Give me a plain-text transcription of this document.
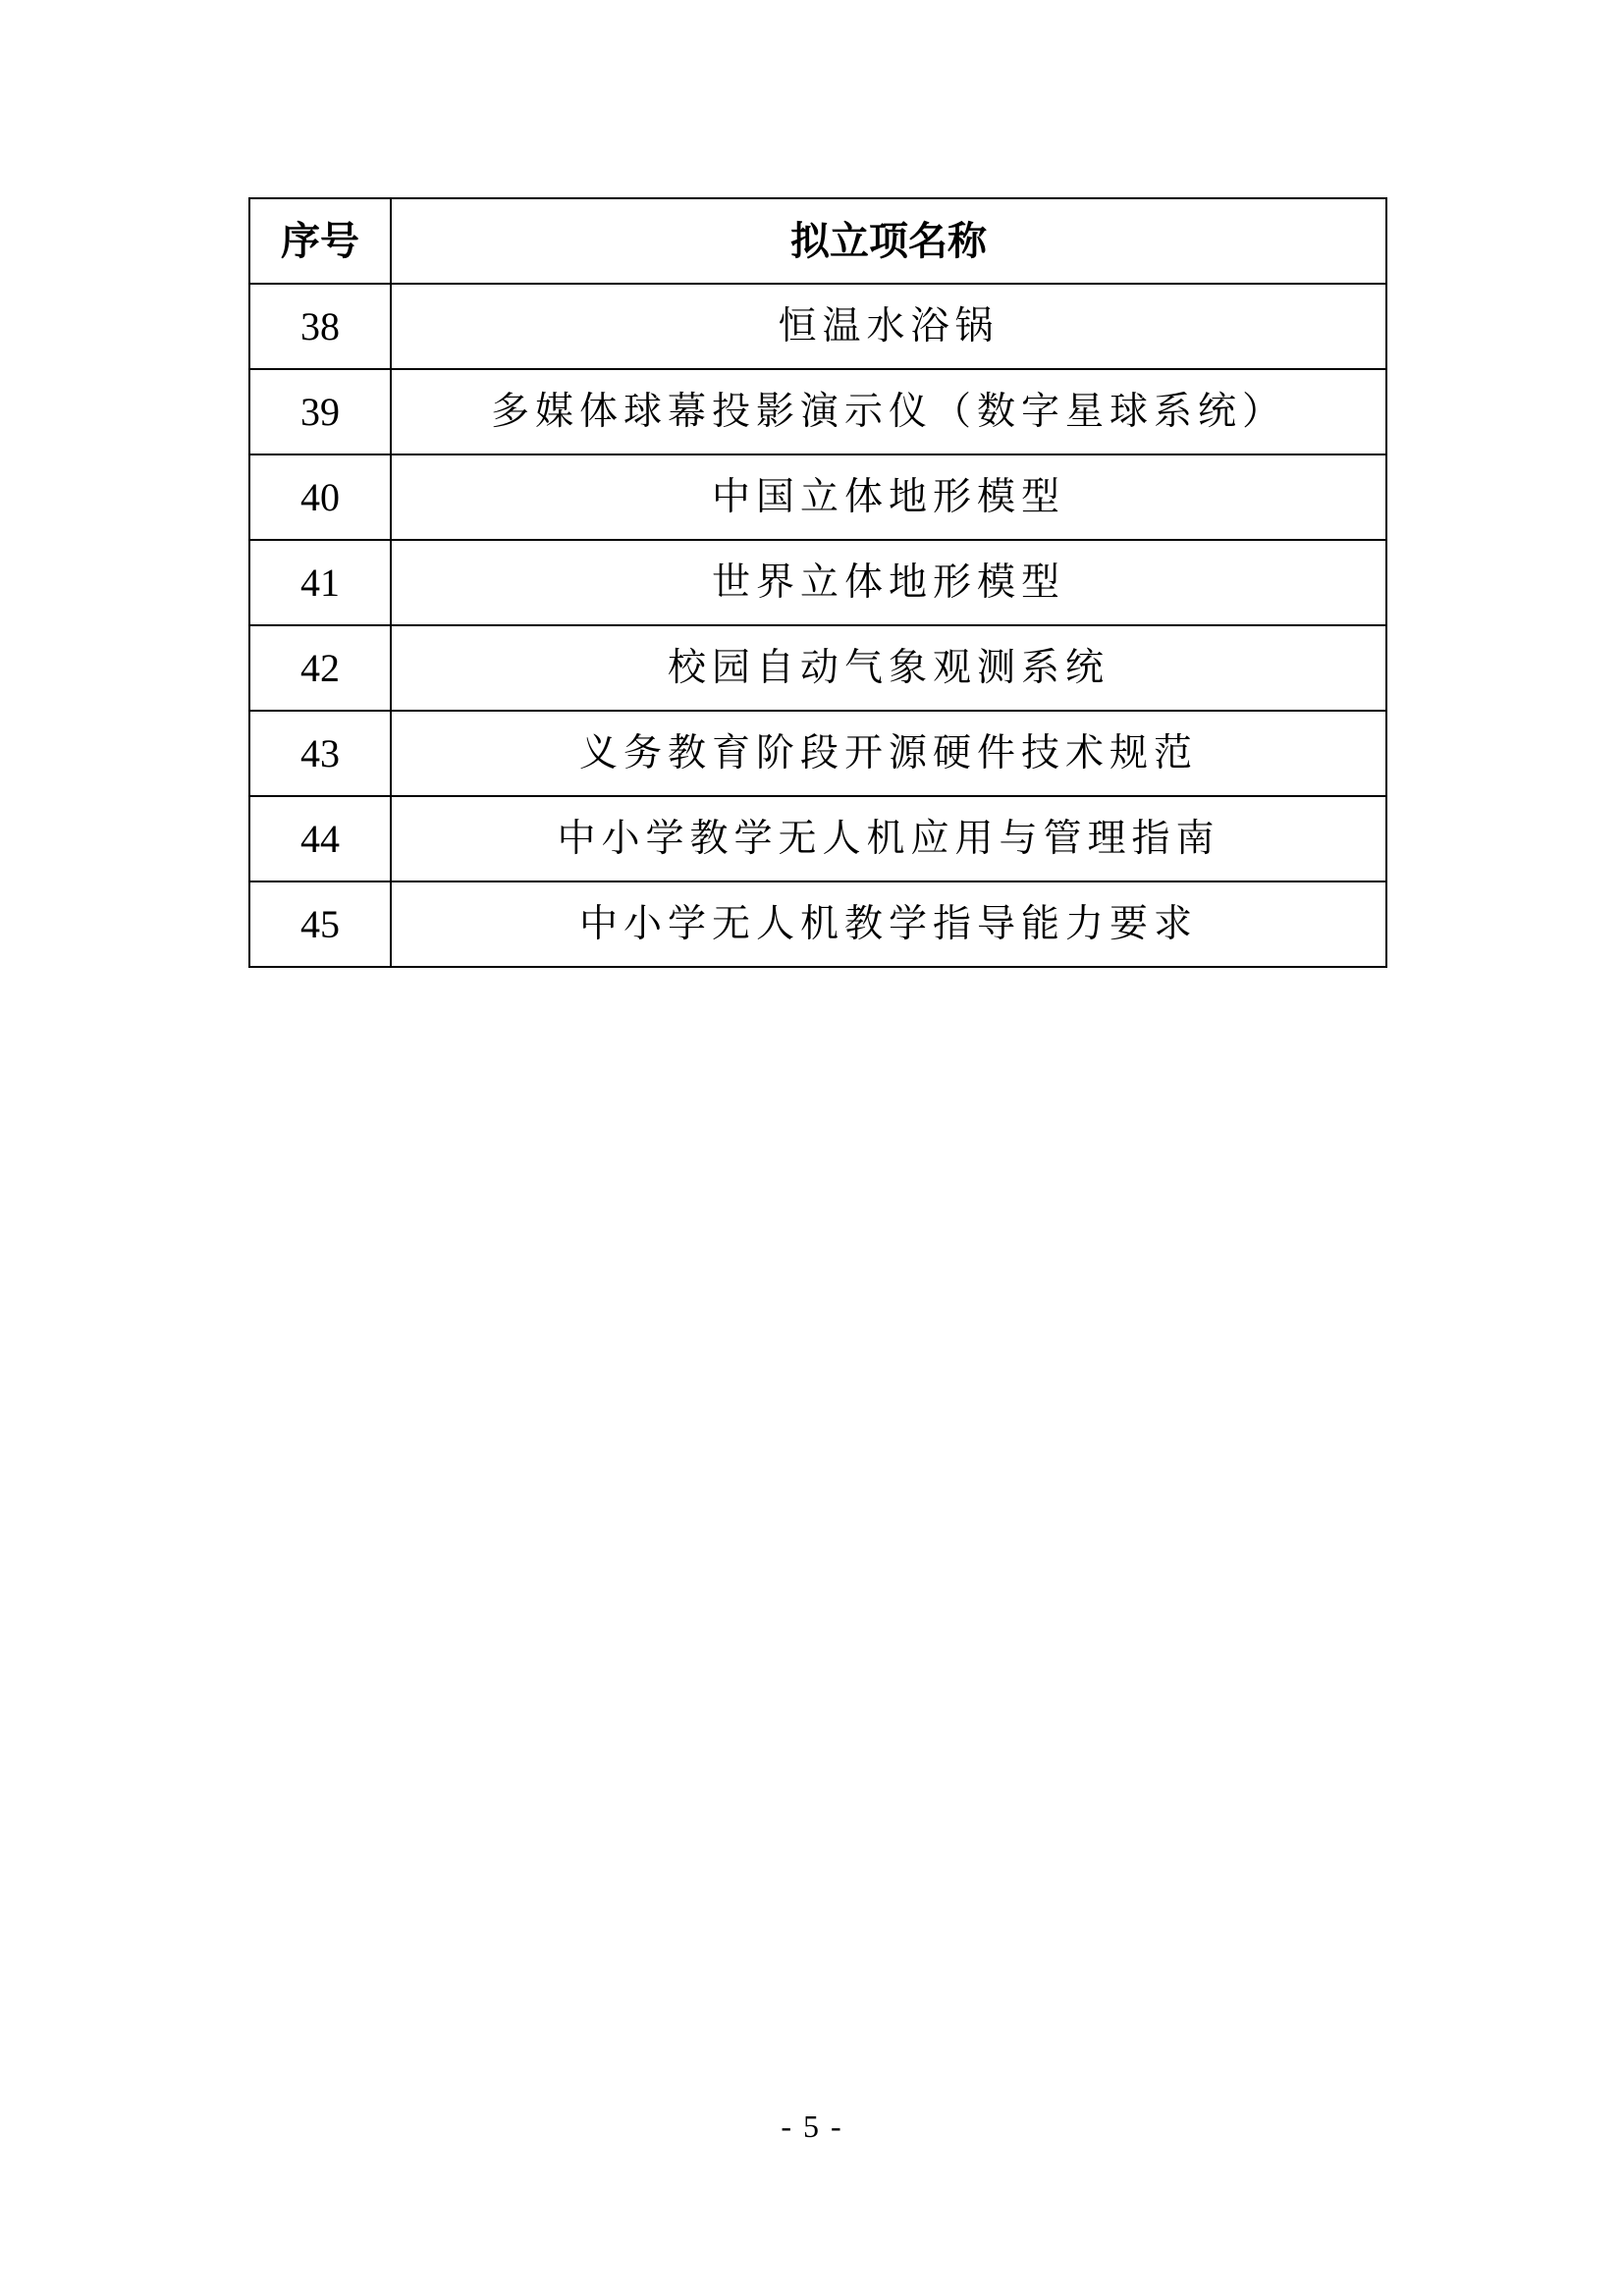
序号	拟立项名称
38	恒温水浴锅
39	多媒体球幕投影演示仪（数字星球系统）
40	中国立体地形模型
41	世界立体地形模型
42	校园自动气象观测系统
43	义务教育阶段开源硬件技术规范
44	中小学教学无人机应用与管理指南
45	中小学无人机教学指导能力要求
- 5 -
